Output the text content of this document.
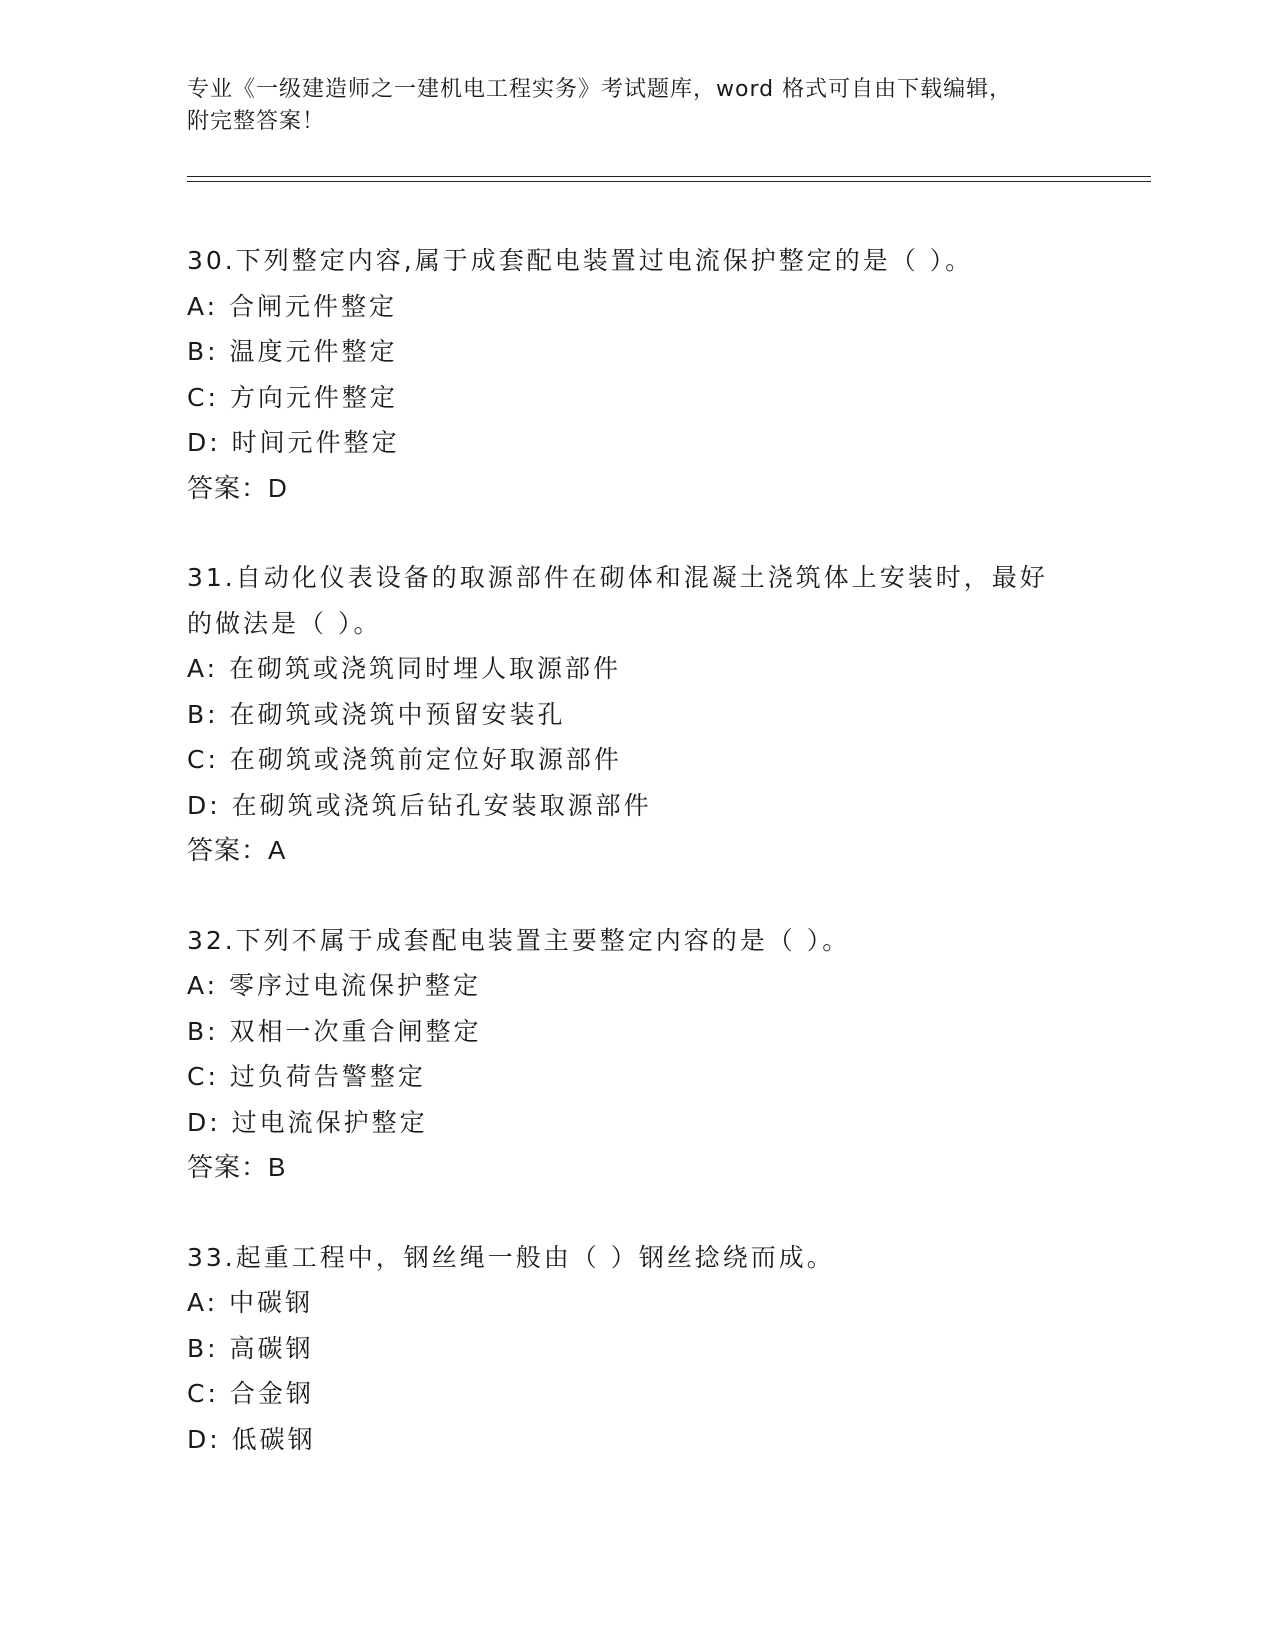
专业《一级建造师之一建机电工程实务》考试题库，word 格式可自由下载编辑，
附完整答案！
30.下列整定内容,属于成套配电装置过电流保护整定的是（ ）。
A: 合闸元件整定
B: 温度元件整定
C: 方向元件整定
D: 时间元件整定
答案：D
31.自动化仪表设备的取源部件在砌体和混凝土浇筑体上安装时，最好
的做法是（ ）。
A: 在砌筑或浇筑同时埋人取源部件
B: 在砌筑或浇筑中预留安装孔
C: 在砌筑或浇筑前定位好取源部件
D: 在砌筑或浇筑后钻孔安装取源部件
答案：A
32.下列不属于成套配电装置主要整定内容的是（ ）。
A: 零序过电流保护整定
B: 双相一次重合闸整定
C: 过负荷告警整定
D: 过电流保护整定
答案：B
33.起重工程中，钢丝绳一般由（ ）钢丝捻绕而成。
A: 中碳钢
B: 高碳钢
C: 合金钢
D: 低碳钢
